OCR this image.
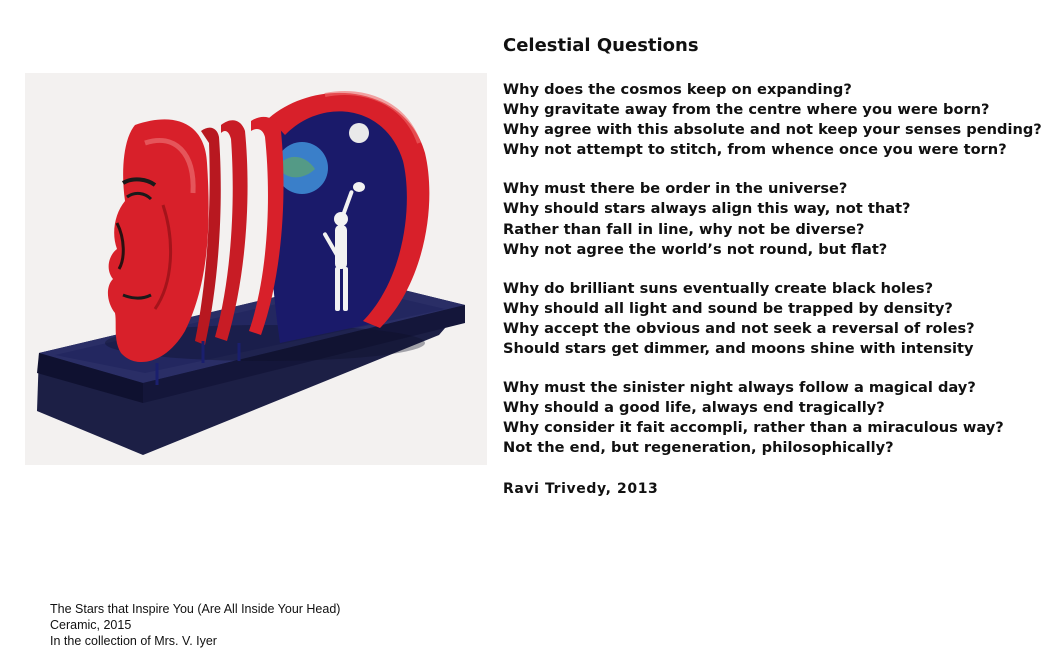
Celestial Questions
Why does the cosmos keep on expanding?
Why gravitate away from the centre where you were born?
Why agree with this absolute and not keep your senses pending?
Why not attempt to stitch, from whence once you were torn?
Why must there be order in the universe?
Why should stars always align this way, not that?
Rather than fall in line, why not be diverse?
Why not agree the world’s not round, but flat?
Why do brilliant suns eventually create black holes?
Why should all light and sound be trapped by density?
Why accept the obvious and not seek a reversal of roles?
Should stars get dimmer, and moons shine with intensity
Why must the sinister night always follow a magical day?
Why should a good life, always end tragically?
Why consider it fait accompli, rather than a miraculous way?
Not the end, but regeneration, philosophically?
Ravi Trivedy, 2013
The Stars that Inspire You (Are All Inside Your Head)
Ceramic, 2015
In the collection of Mrs. V. Iyer
